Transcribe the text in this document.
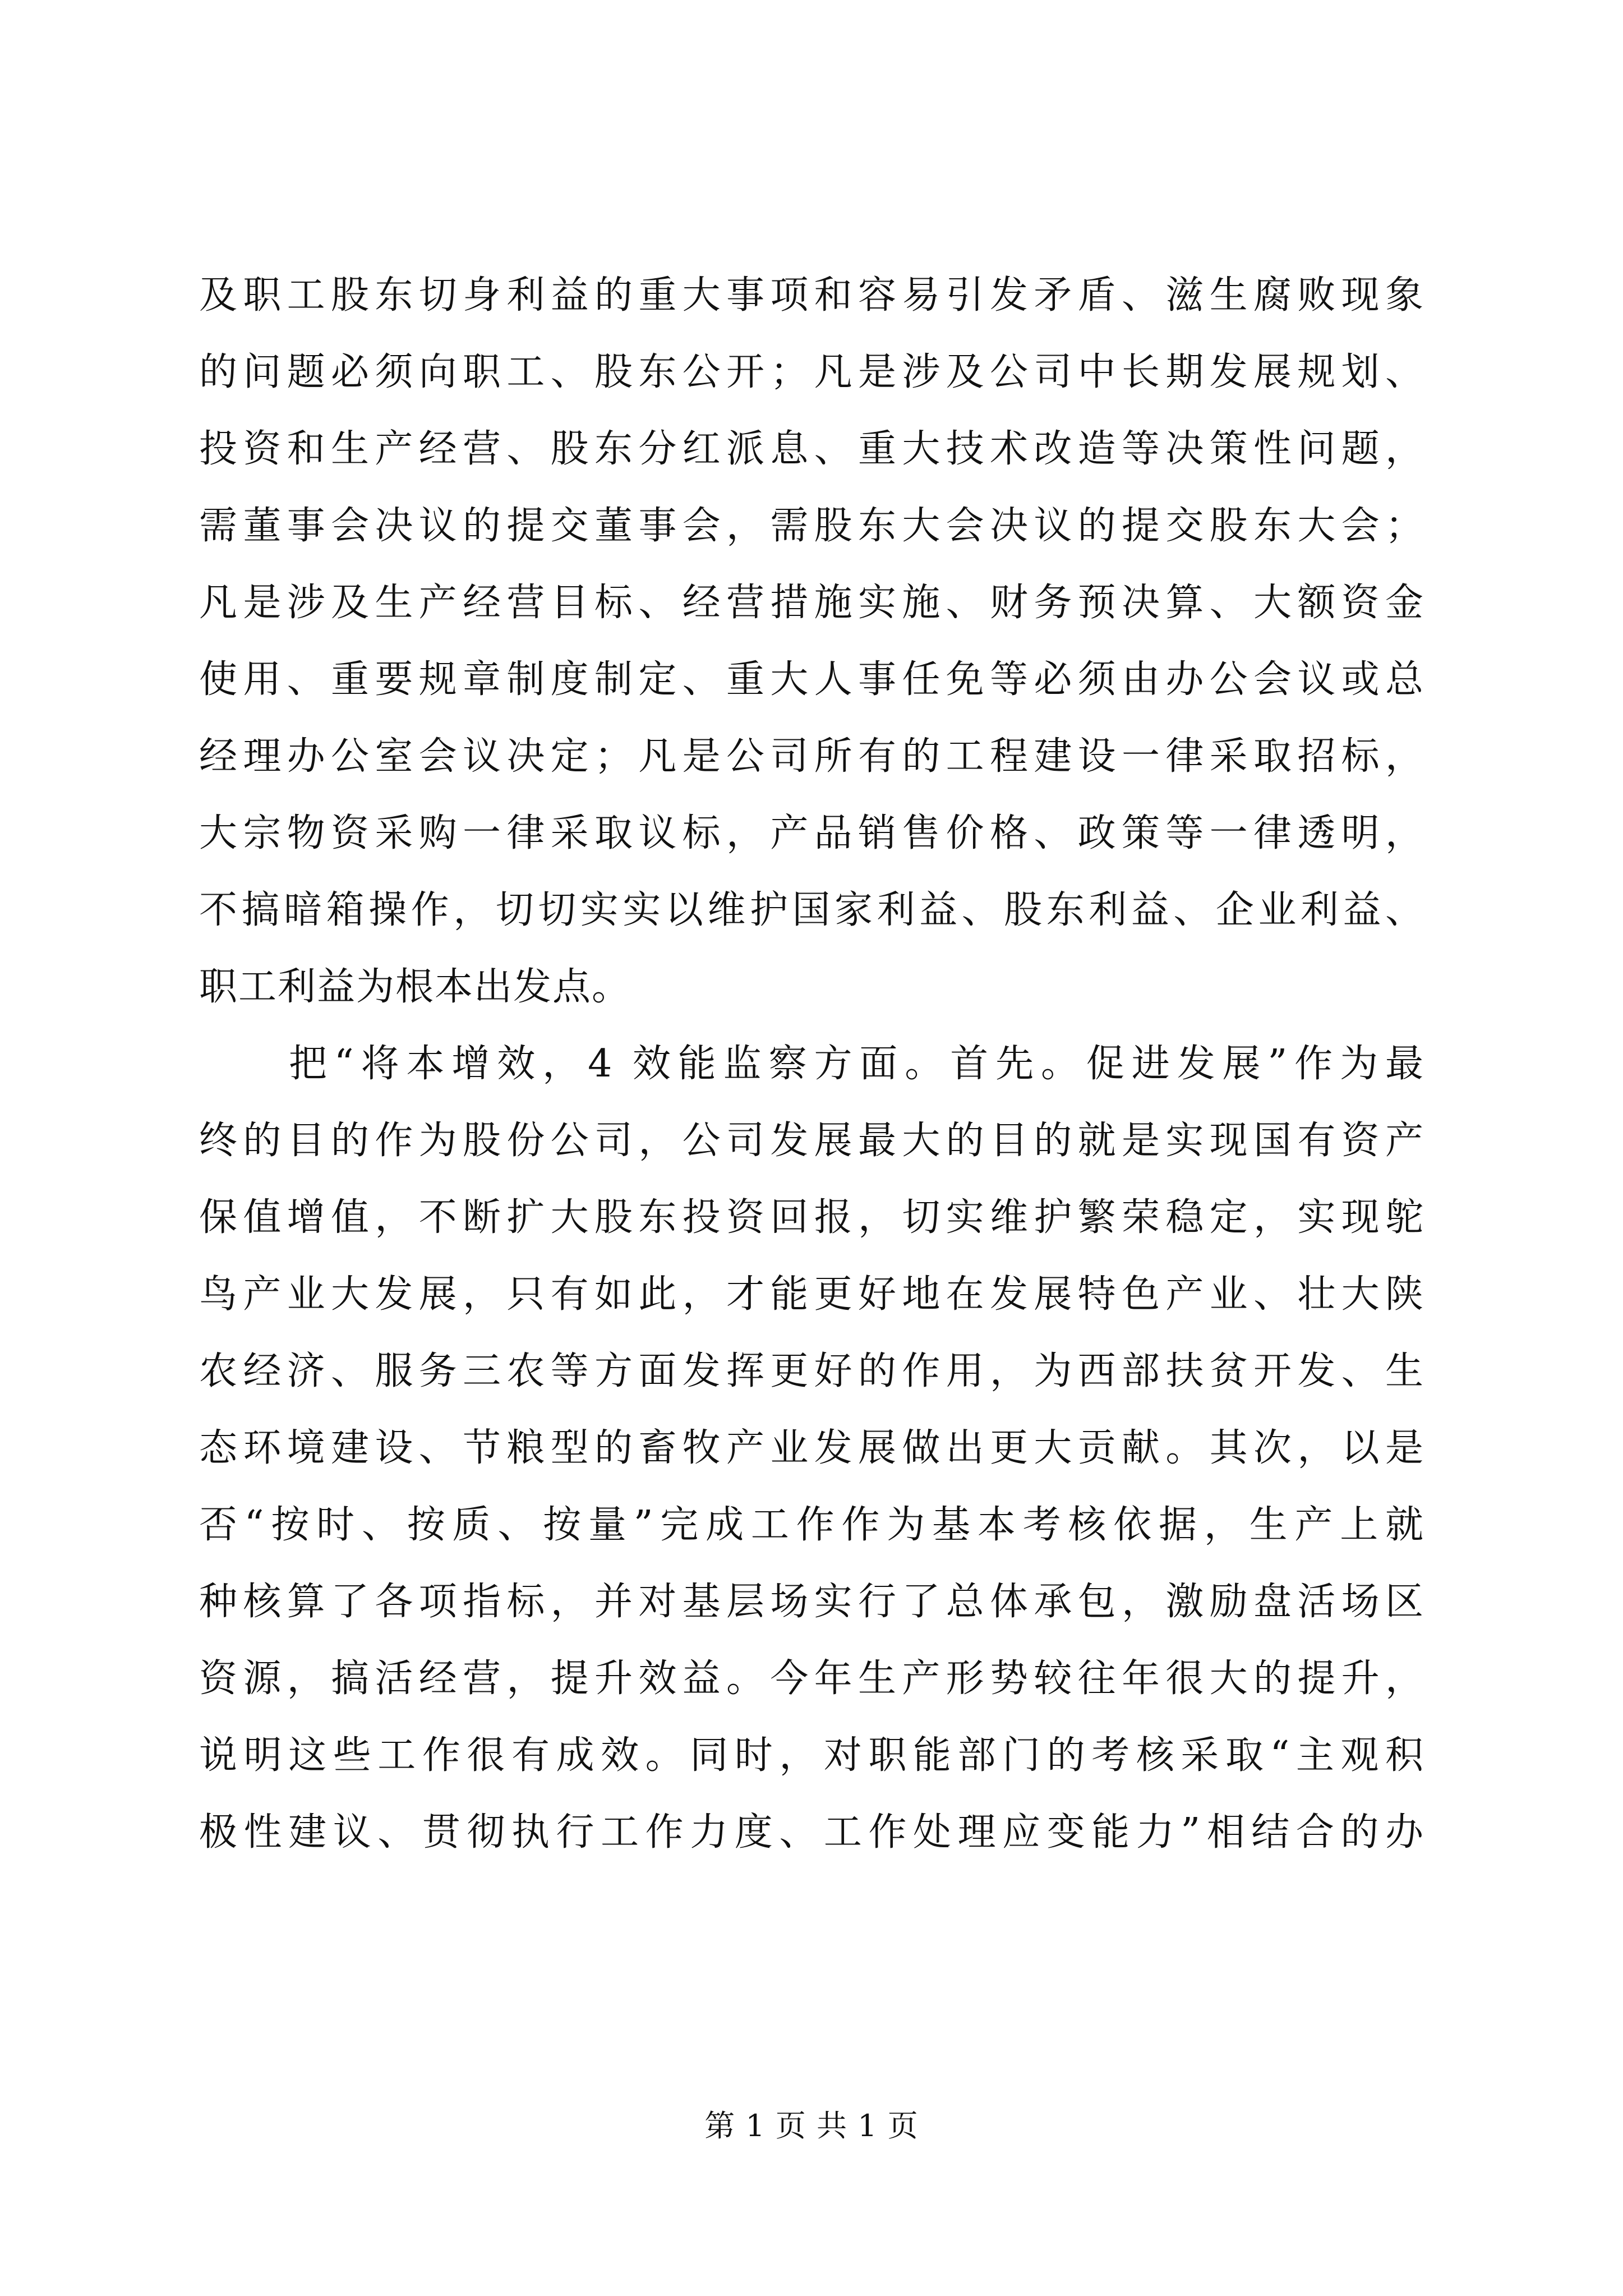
及职工股东切身利益的重大事项和容易引发矛盾、滋生腐败现象
的问题必须向职工、股东公开；凡是涉及公司中长期发展规划、
投资和生产经营、股东分红派息、重大技术改造等决策性问题，
需董事会决议的提交董事会，需股东大会决议的提交股东大会；
凡是涉及生产经营目标、经营措施实施、财务预决算、大额资金
使用、重要规章制度制定、重大人事任免等必须由办公会议或总
经理办公室会议决定；凡是公司所有的工程建设一律采取招标，
大宗物资采购一律采取议标，产品销售价格、政策等一律透明，
不搞暗箱操作，切切实实以维护国家利益、股东利益、企业利益、
职工利益为根本出发点。
把“将本增效，4 效能监察方面。首先。促进发展”作为最
终的目的作为股份公司，公司发展最大的目的就是实现国有资产
保值增值，不断扩大股东投资回报，切实维护繁荣稳定，实现鸵
鸟产业大发展，只有如此，才能更好地在发展特色产业、壮大陕
农经济、服务三农等方面发挥更好的作用，为西部扶贫开发、生
态环境建设、节粮型的畜牧产业发展做出更大贡献。其次，以是
否“按时、按质、按量”完成工作作为基本考核依据，生产上就
种核算了各项指标，并对基层场实行了总体承包，激励盘活场区
资源，搞活经营，提升效益。今年生产形势较往年很大的提升，
说明这些工作很有成效。同时，对职能部门的考核采取“主观积
极性建议、贯彻执行工作力度、工作处理应变能力”相结合的办
第 1 页 共 1 页
